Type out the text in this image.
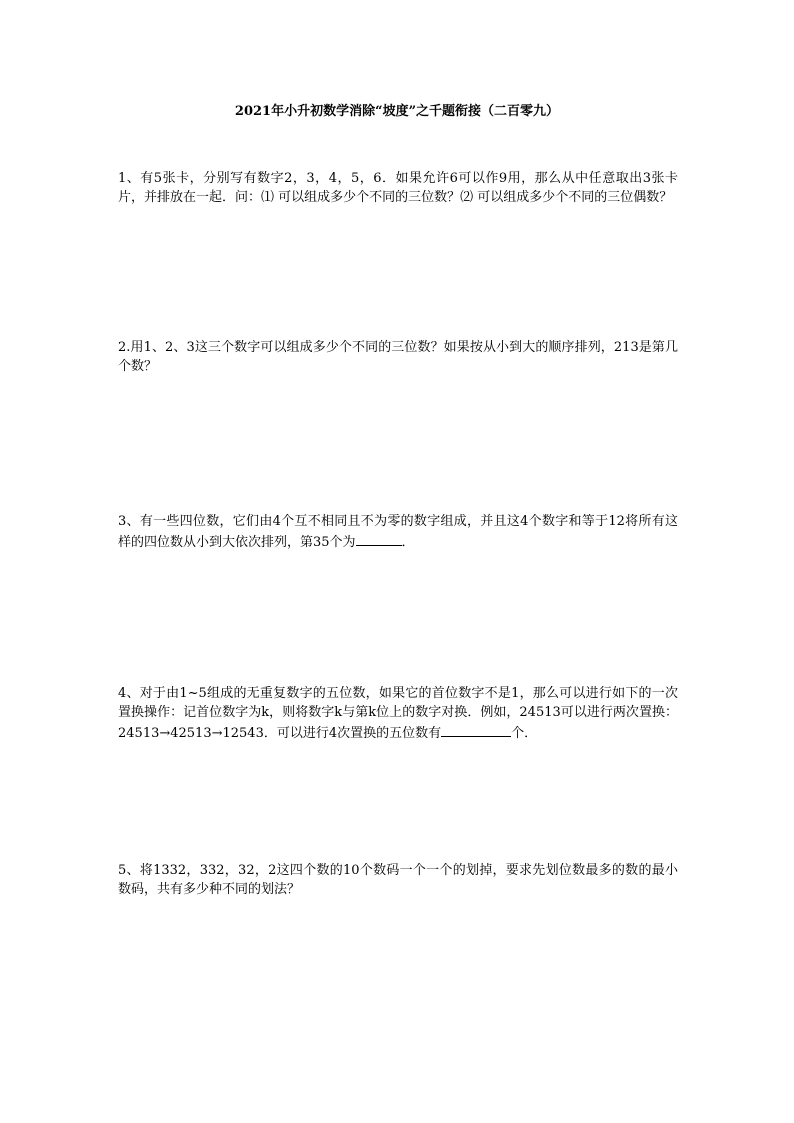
2021年小升初数学消除“坡度”之千题衔接（二百零九）
1、有5张卡，分别写有数字2，3，4，5，6．如果允许6可以作9用，那么从中任意取出3张卡片，并排放在一起．问：⑴ 可以组成多少个不同的三位数？⑵ 可以组成多少个不同的三位偶数？
2.用1、2、3这三个数字可以组成多少个不同的三位数？如果按从小到大的顺序排列，213是第几个数？
3、有一些四位数，它们由4个互不相同且不为零的数字组成，并且这4个数字和等于12将所有这样的四位数从小到大依次排列，第35个为	．
4、对于由1~5组成的无重复数字的五位数，如果它的首位数字不是1，那么可以进行如下的一次置换操作：记首位数字为k，则将数字k与第k位上的数字对换．例如，24513可以进行两次置换：24513→42513→12543．可以进行4次置换的五位数有	个．
5、将1332，332，32，2这四个数的10个数码一个一个的划掉，要求先划位数最多的数的最小数码，共有多少种不同的划法？
